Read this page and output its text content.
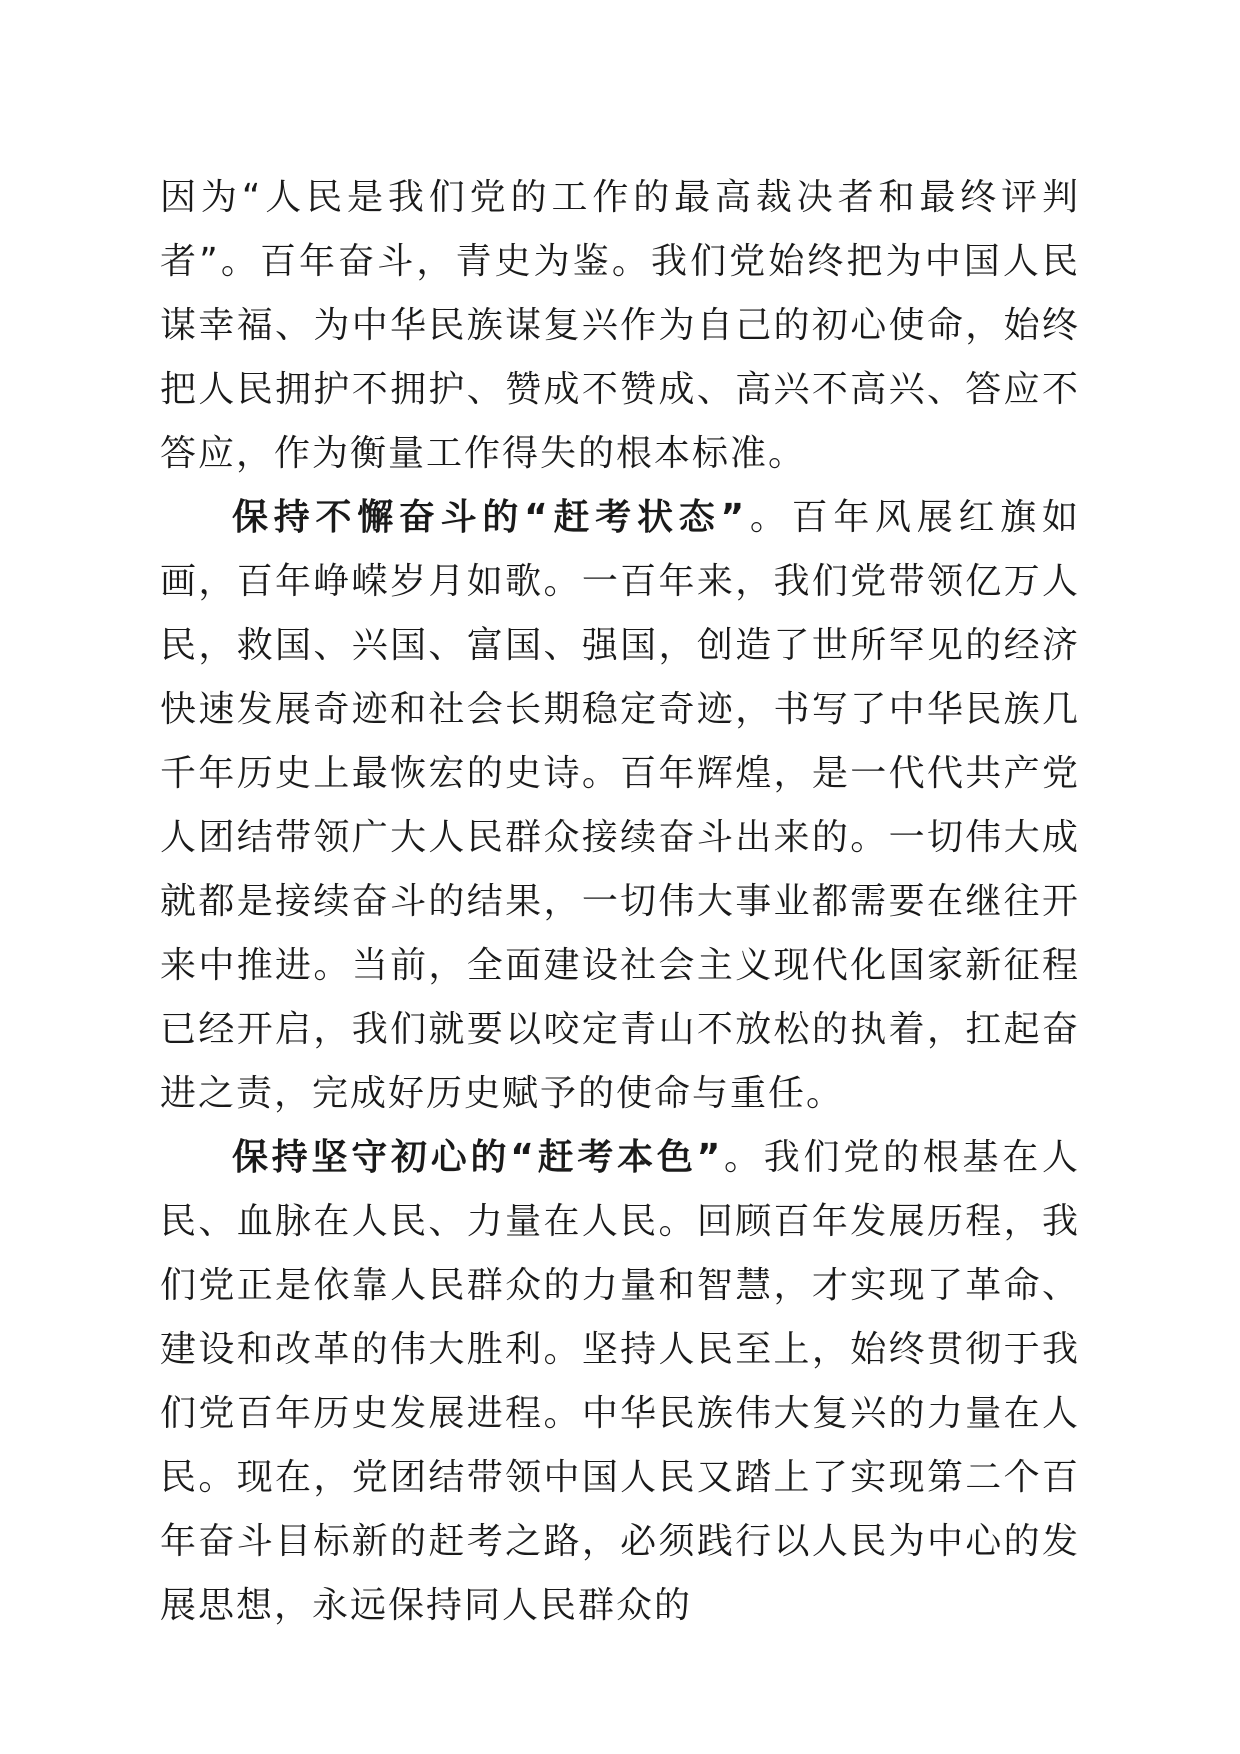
因为“人民是我们党的工作的最高裁决者和最终评判者”。百年奋斗，青史为鉴。我们党始终把为中国人民谋幸福、为中华民族谋复兴作为自己的初心使命，始终把人民拥护不拥护、赞成不赞成、高兴不高兴、答应不答应，作为衡量工作得失的根本标准。

保持不懈奋斗的“赶考状态”。百年风展红旗如画，百年峥嵘岁月如歌。一百年来，我们党带领亿万人民，救国、兴国、富国、强国，创造了世所罕见的经济快速发展奇迹和社会长期稳定奇迹，书写了中华民族几千年历史上最恢宏的史诗。百年辉煌，是一代代共产党人团结带领广大人民群众接续奋斗出来的。一切伟大成就都是接续奋斗的结果，一切伟大事业都需要在继往开来中推进。当前，全面建设社会主义现代化国家新征程已经开启，我们就要以咬定青山不放松的执着，扛起奋进之责，完成好历史赋予的使命与重任。

保持坚守初心的“赶考本色”。我们党的根基在人民、血脉在人民、力量在人民。回顾百年发展历程，我们党正是依靠人民群众的力量和智慧，才实现了革命、建设和改革的伟大胜利。坚持人民至上，始终贯彻于我们党百年历史发展进程。中华民族伟大复兴的力量在人民。现在，党团结带领中国人民又踏上了实现第二个百年奋斗目标新的赶考之路，必须践行以人民为中心的发展思想，永远保持同人民群众的
